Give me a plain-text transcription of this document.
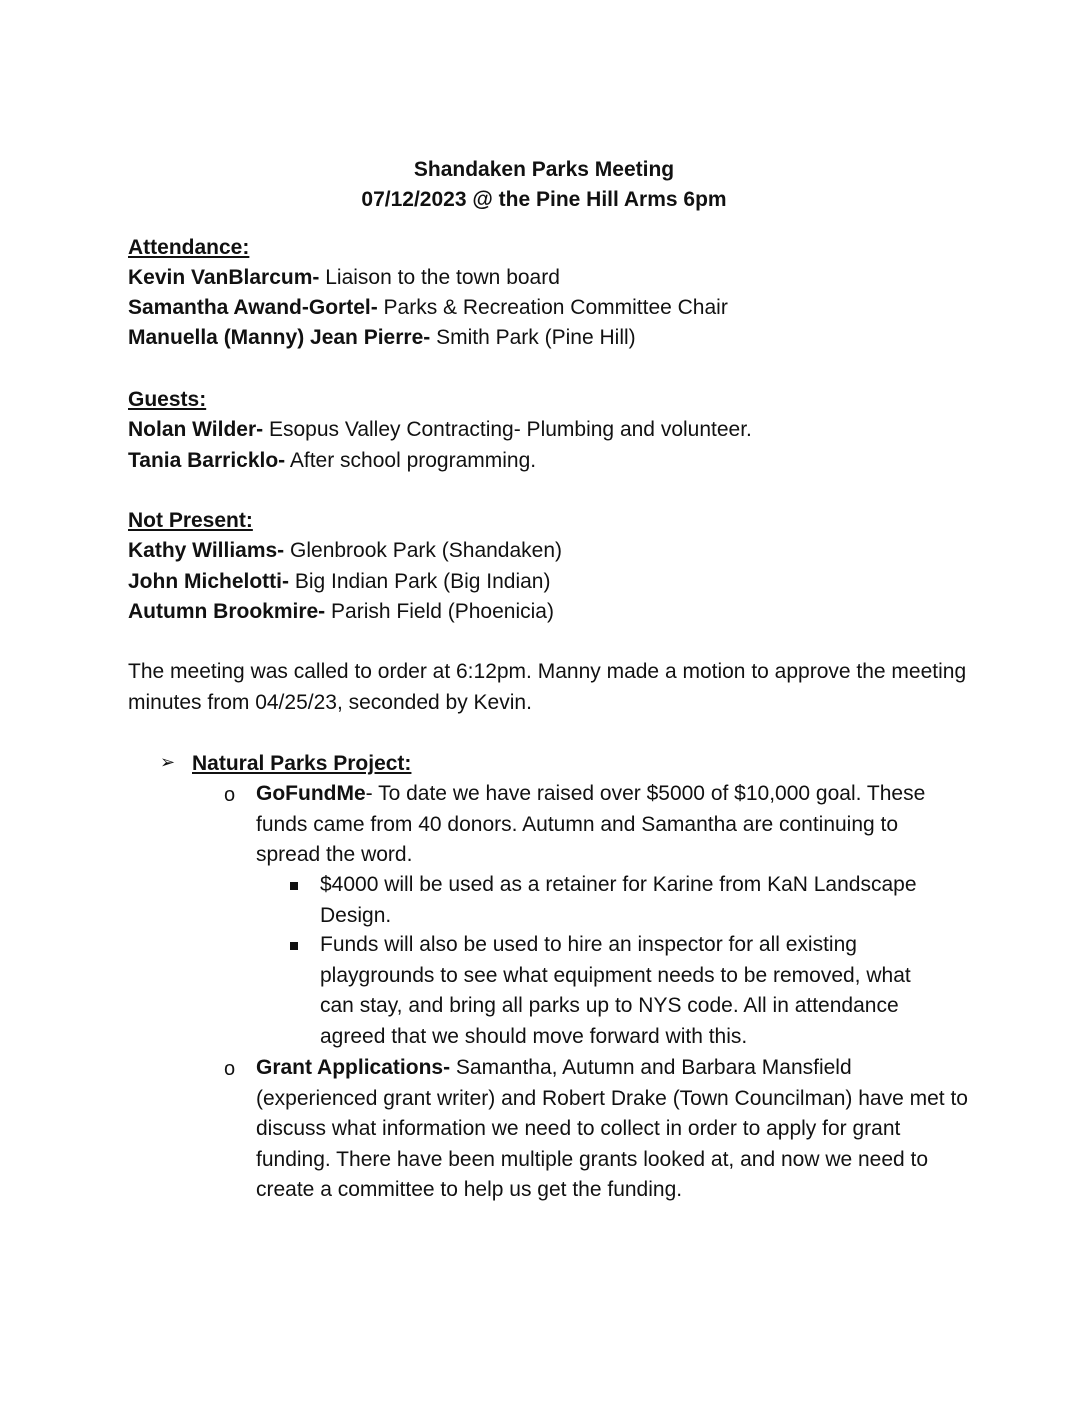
Shandaken Parks Meeting
07/12/2023 @ the Pine Hill Arms 6pm
Attendance:
Kevin VanBlarcum- Liaison to the town board
Samantha Awand-Gortel- Parks & Recreation Committee Chair
Manuella (Manny) Jean Pierre- Smith Park (Pine Hill)
Guests:
Nolan Wilder- Esopus Valley Contracting- Plumbing and volunteer.
Tania Barricklo- After school programming.
Not Present:
Kathy Williams- Glenbrook Park (Shandaken)
John Michelotti- Big Indian Park (Big Indian)
Autumn Brookmire- Parish Field (Phoenicia)
The meeting was called to order at 6:12pm. Manny made a motion to approve the meeting minutes from 04/25/23, seconded by Kevin.
➢ Natural Parks Project:
o GoFundMe- To date we have raised over $5000 of $10,000 goal. These funds came from 40 donors. Autumn and Samantha are continuing to spread the word.
$4000 will be used as a retainer for Karine from KaN Landscape Design.
Funds will also be used to hire an inspector for all existing playgrounds to see what equipment needs to be removed, what can stay, and bring all parks up to NYS code. All in attendance agreed that we should move forward with this.
o Grant Applications- Samantha, Autumn and Barbara Mansfield (experienced grant writer) and Robert Drake (Town Councilman) have met to discuss what information we need to collect in order to apply for grant funding. There have been multiple grants looked at, and now we need to create a committee to help us get the funding.
